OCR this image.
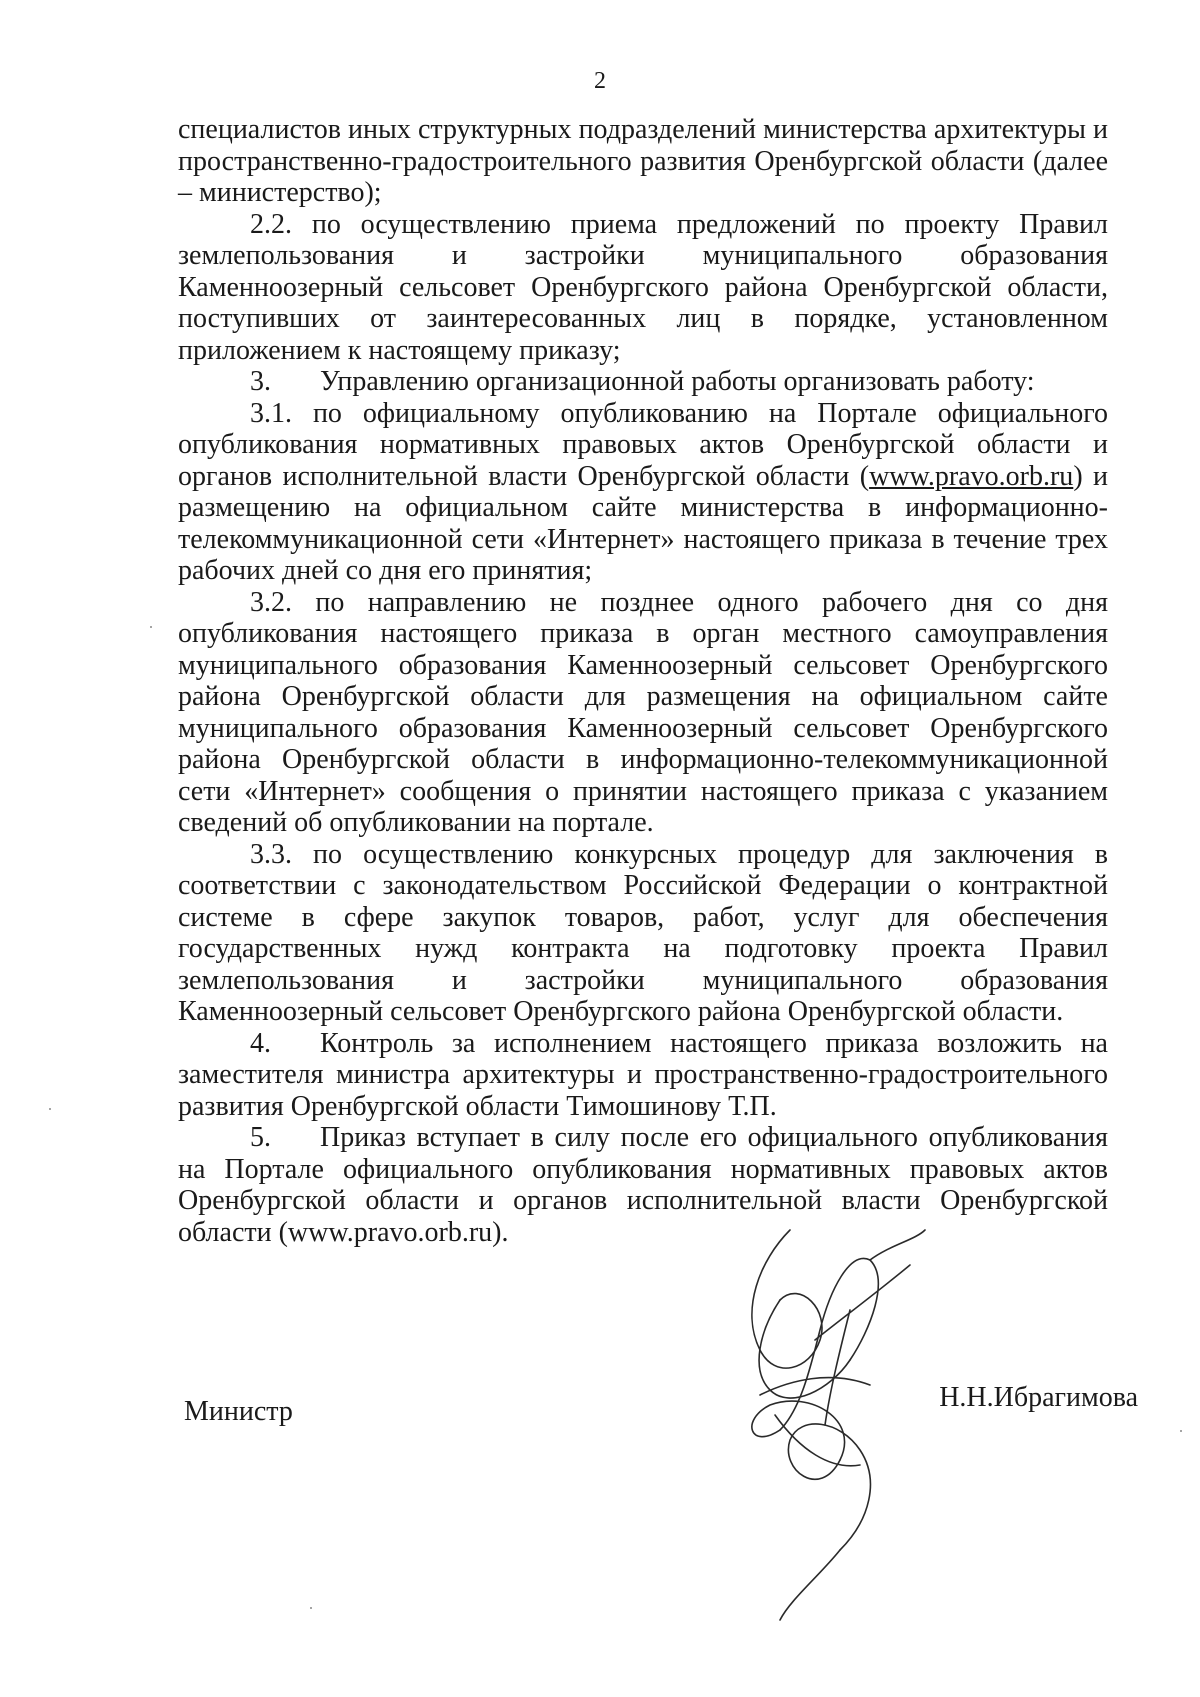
2

специалистов иных структурных подразделений министерства архитектуры и пространственно-градостроительного развития Оренбургской области (далее – министерство);

2.2. по осуществлению приема предложений по проекту Правил землепользования и застройки муниципального образования Каменноозерный сельсовет Оренбургского района Оренбургской области, поступивших от заинтересованных лиц в порядке, установленном приложением к настоящему приказу;

3. Управлению организационной работы организовать работу:

3.1. по официальному опубликованию на Портале официального опубликования нормативных правовых актов Оренбургской области и органов исполнительной власти Оренбургской области (www.pravo.orb.ru) и размещению на официальном сайте министерства в информационно-телекоммуникационной сети «Интернет» настоящего приказа в течение трех рабочих дней со дня его принятия;

3.2. по направлению не позднее одного рабочего дня со дня опубликования настоящего приказа в орган местного самоуправления муниципального образования Каменноозерный сельсовет Оренбургского района Оренбургской области для размещения на официальном сайте муниципального образования Каменноозерный сельсовет Оренбургского района Оренбургской области в информационно-телекоммуникационной сети «Интернет» сообщения о принятии настоящего приказа с указанием сведений об опубликовании на портале.

3.3. по осуществлению конкурсных процедур для заключения в соответствии с законодательством Российской Федерации о контрактной системе в сфере закупок товаров, работ, услуг для обеспечения государственных нужд контракта на подготовку проекта Правил землепользования и застройки муниципального образования Каменноозерный сельсовет Оренбургского района Оренбургской области.

4. Контроль за исполнением настоящего приказа возложить на заместителя министра архитектуры и пространственно-градостроительного развития Оренбургской области Тимошинову Т.П.

5. Приказ вступает в силу после его официального опубликования на Портале официального опубликования нормативных правовых актов Оренбургской области и органов исполнительной власти Оренбургской области (www.pravo.orb.ru).

Министр	Н.Н.Ибрагимова
